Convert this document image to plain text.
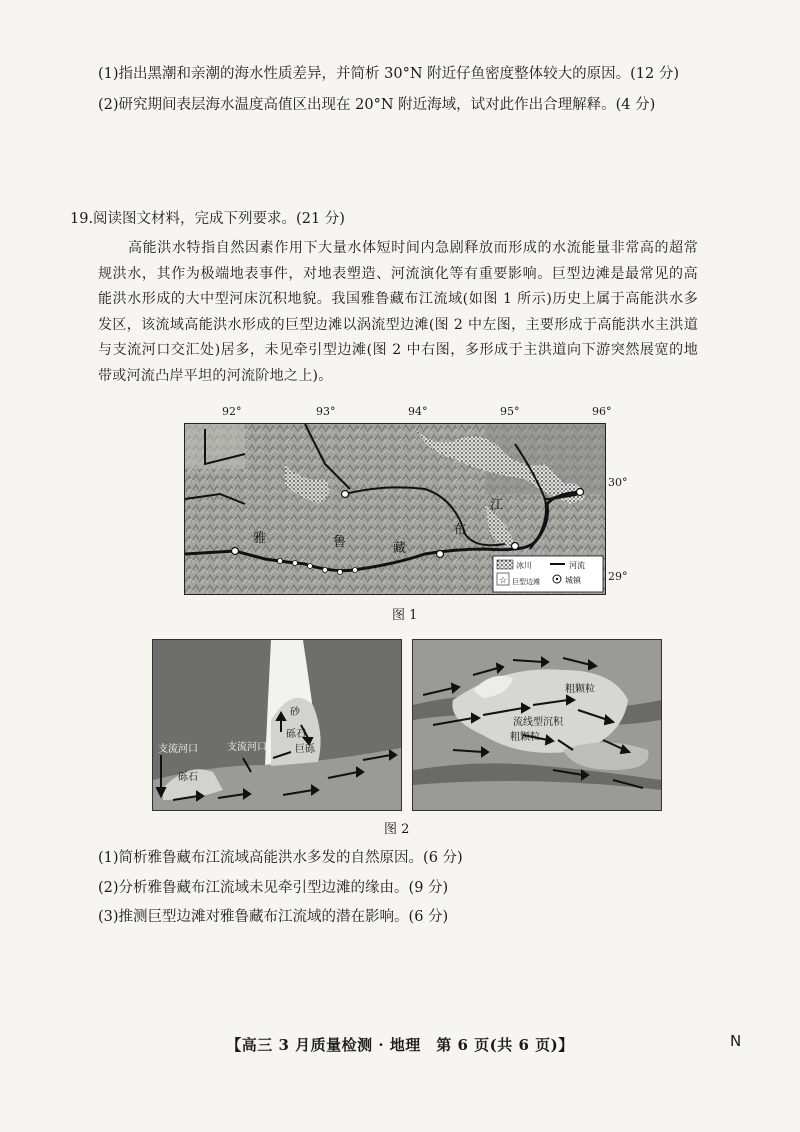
(1)指出黑潮和亲潮的海水性质差异，并简析 30°N 附近仔鱼密度整体较大的原因。(12 分)
(2)研究期间表层海水温度高值区出现在 20°N 附近海域，试对此作出合理解释。(4 分)
19.阅读图文材料，完成下列要求。(21 分)
高能洪水特指自然因素作用下大量水体短时间内急剧释放而形成的水流能量非常高的超常规洪水，其作为极端地表事件，对地表塑造、河流演化等有重要影响。巨型边滩是最常见的高能洪水形成的大中型河床沉积地貌。我国雅鲁藏布江流域(如图 1 所示)历史上属于高能洪水多发区，该流域高能洪水形成的巨型边滩以涡流型边滩(图 2 中左图，主要形成于高能洪水主洪道与支流河口交汇处)居多，未见牵引型边滩(图 2 中右图，多形成于主洪道向下游突然展宽的地带或河流凸岸平坦的河流阶地之上)。
92°	93°	94°	95°	96°
30°
29°
雅	鲁	藏
布
江
冰川	河流
☆ 巨型边滩	城镇
图 1
支流河口	支流河口
砾石
砂
砾石
巨砾
粗颗粒
流线型沉积
粗颗粒
图 2
(1)简析雅鲁藏布江流域高能洪水多发的自然原因。(6 分)
(2)分析雅鲁藏布江流域未见牵引型边滩的缘由。(9 分)
(3)推测巨型边滩对雅鲁藏布江流域的潜在影响。(6 分)
【高三 3 月质量检测 · 地理　第 6 页(共 6 页)】	N
